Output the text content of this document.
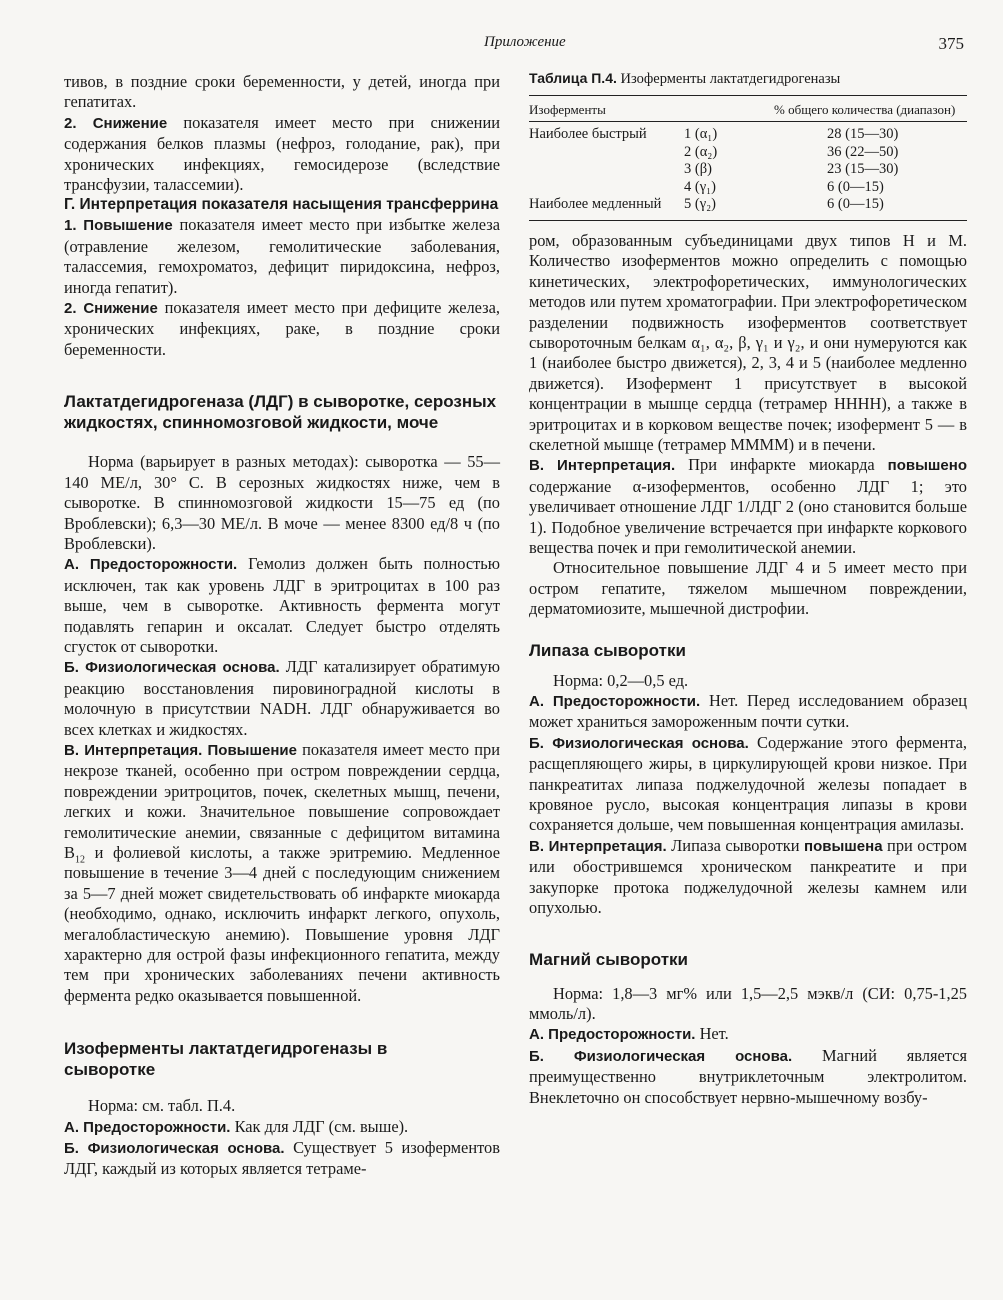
Приложение	375

тивов, в поздние сроки беременности, у детей, иногда при гепатитах.

2. Снижение показателя имеет место при снижении содержания белков плазмы (нефроз, голодание, рак), при хронических инфекциях, гемосидерозе (вследствие трансфузии, талассемии).

Г. Интерпретация показателя насыщения трансферрина

1. Повышение показателя имеет место при избытке железа (отравление железом, гемолитические заболевания, талассемия, гемохроматоз, дефицит пиридоксина, нефроз, иногда гепатит).

2. Снижение показателя имеет место при дефиците железа, хронических инфекциях, раке, в поздние сроки беременности.

Лактатдегидрогеназа (ЛДГ) в сыворотке, серозных жидкостях, спинномозговой жидкости, моче

Норма (варьирует в разных методах): сыворотка — 55—140 МЕ/л, 30° С. В серозных жидкостях ниже, чем в сыворотке. В спинномозговой жидкости 15—75 ед (по Вроблевски); 6,3—30 МЕ/л. В моче — менее 8300 ед/8 ч (по Вроблевски).

А. Предосторожности. Гемолиз должен быть полностью исключен, так как уровень ЛДГ в эритроцитах в 100 раз выше, чем в сыворотке. Активность фермента могут подавлять гепарин и оксалат. Следует быстро отделять сгусток от сыворотки.

Б. Физиологическая основа. ЛДГ катализирует обратимую реакцию восстановления пировиноградной кислоты в молочную в присутствии NADH. ЛДГ обнаруживается во всех клетках и жидкостях.

В. Интерпретация. Повышение показателя имеет место при некрозе тканей, особенно при остром повреждении сердца, повреждении эритроцитов, почек, скелетных мышц, печени, легких и кожи. Значительное повышение сопровождает гемолитические анемии, связанные с дефицитом витамина $B_{12}$ и фолиевой кислоты, а также эритремию. Медленное повышение в течение 3—4 дней с последующим снижением за 5—7 дней может свидетельствовать об инфаркте миокарда (необходимо, однако, исключить инфаркт легкого, опухоль, мегалобластическую анемию). Повышение уровня ЛДГ характерно для острой фазы инфекционного гепатита, между тем при хронических заболеваниях печени активность фермента редко оказывается повышенной.

Изоферменты лактатдегидрогеназы в сыворотке

Норма: см. табл. П.4.

А. Предосторожности. Как для ЛДГ (см. выше).

Б. Физиологическая основа. Существует 5 изоферментов ЛДГ, каждый из которых является тетраме-

Таблица П.4. Изоферменты лактатдегидрогеназы
Изоферменты	% общего количества (диапазон)
Наиболее быстрый 1 (α₁)	28 (15—30)
2 (α₂)	36 (22—50)
3 (β)	23 (15—30)
4 (γ₁)	6 (0—15)
Наиболее медленный 5 (γ₂)	6 (0—15)

ром, образованным субъединицами двух типов Н и М. Количество изоферментов можно определить с помощью кинетических, электрофоретических, иммунологических методов или путем хроматографии. При электрофоретическом разделении подвижность изоферментов соответствует сывороточным белкам α₁, α₂, β, γ₁ и γ₂, и они нумеруются как 1 (наиболее быстро движется), 2, 3, 4 и 5 (наиболее медленно движется). Изофермент 1 присутствует в высокой концентрации в мышце сердца (тетрамер НННН), а также в эритроцитах и в корковом веществе почек; изофермент 5 — в скелетной мышце (тетрамер ММММ) и в печени.

В. Интерпретация. При инфаркте миокарда повышено содержание α-изоферментов, особенно ЛДГ 1; это увеличивает отношение ЛДГ 1/ЛДГ 2 (оно становится больше 1). Подобное увеличение встречается при инфаркте коркового вещества почек и при гемолитической анемии.

Относительное повышение ЛДГ 4 и 5 имеет место при остром гепатите, тяжелом мышечном повреждении, дерматомиозите, мышечной дистрофии.

Липаза сыворотки

Норма: 0,2—0,5 ед.

А. Предосторожности. Нет. Перед исследованием образец может храниться замороженным почти сутки.

Б. Физиологическая основа. Содержание этого фермента, расщепляющего жиры, в циркулирующей крови низкое. При панкреатитах липаза поджелудочной железы попадает в кровяное русло, высокая концентрация липазы в крови сохраняется дольше, чем повышенная концентрация амилазы.

В. Интерпретация. Липаза сыворотки повышена при остром или обострившемся хроническом панкреатите и при закупорке протока поджелудочной железы камнем или опухолью.

Магний сыворотки

Норма: 1,8—3 мг% или 1,5—2,5 мэкв/л (СИ: 0,75-1,25 ммоль/л).

А. Предосторожности. Нет.

Б. Физиологическая основа. Магний является преимущественно внутриклеточным электролитом. Внеклеточно он способствует нервно-мышечному возбу-
